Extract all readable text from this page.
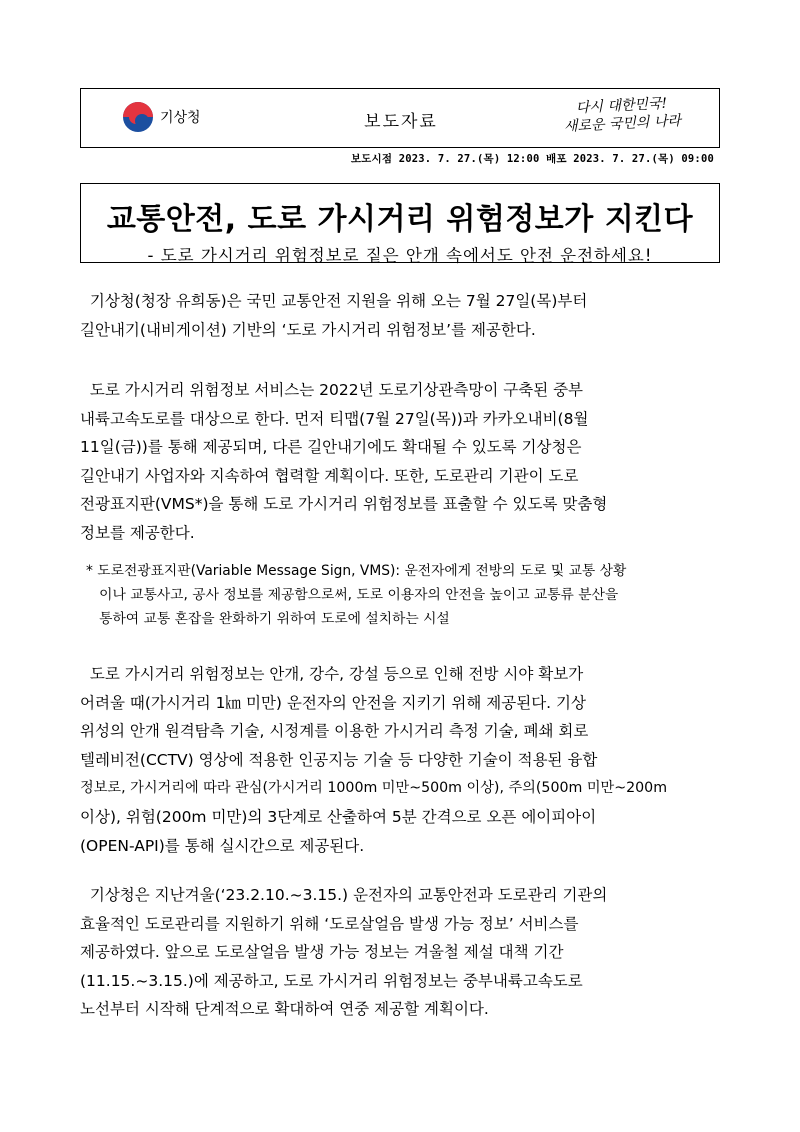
기상청	보도자료
다시 대한민국!
새로운 국민의 나라
보도시점 2023. 7. 27.(목) 12:00 배포 2023. 7. 27.(목) 09:00
교통안전, 도로 가시거리 위험정보가 지킨다
- 도로 가시거리 위험정보로 짙은 안개 속에서도 안전 운전하세요!
기상청(청장 유희동)은 국민 교통안전 지원을 위해 오는 7월 27일(목)부터
길안내기(내비게이션) 기반의 ‘도로 가시거리 위험정보’를 제공한다.
도로 가시거리 위험정보 서비스는 2022년 도로기상관측망이 구축된 중부
내륙고속도로를 대상으로 한다. 먼저 티맵(7월 27일(목))과 카카오내비(8월
11일(금))를 통해 제공되며, 다른 길안내기에도 확대될 수 있도록 기상청은
길안내기 사업자와 지속하여 협력할 계획이다. 또한, 도로관리 기관이 도로
전광표지판(VMS*)을 통해 도로 가시거리 위험정보를 표출할 수 있도록 맞춤형
정보를 제공한다.
* 도로전광표지판(Variable Message Sign, VMS): 운전자에게 전방의 도로 및 교통 상황
이나 교통사고, 공사 정보를 제공함으로써, 도로 이용자의 안전을 높이고 교통류 분산을
통하여 교통 혼잡을 완화하기 위하여 도로에 설치하는 시설
도로 가시거리 위험정보는 안개, 강수, 강설 등으로 인해 전방 시야 확보가
어려울 때(가시거리 1㎞ 미만) 운전자의 안전을 지키기 위해 제공된다. 기상
위성의 안개 원격탐측 기술, 시정계를 이용한 가시거리 측정 기술, 폐쇄 회로
텔레비전(CCTV) 영상에 적용한 인공지능 기술 등 다양한 기술이 적용된 융합
정보로, 가시거리에 따라 관심(가시거리 1000m 미만~500m 이상), 주의(500m 미만~200m
이상), 위험(200m 미만)의 3단계로 산출하여 5분 간격으로 오픈 에이피아이
(OPEN-API)를 통해 실시간으로 제공된다.
기상청은 지난겨울(‘23.2.10.~3.15.) 운전자의 교통안전과 도로관리 기관의
효율적인 도로관리를 지원하기 위해 ‘도로살얼음 발생 가능 정보’ 서비스를
제공하였다. 앞으로 도로살얼음 발생 가능 정보는 겨울철 제설 대책 기간
(11.15.~3.15.)에 제공하고, 도로 가시거리 위험정보는 중부내륙고속도로
노선부터 시작해 단계적으로 확대하여 연중 제공할 계획이다.
